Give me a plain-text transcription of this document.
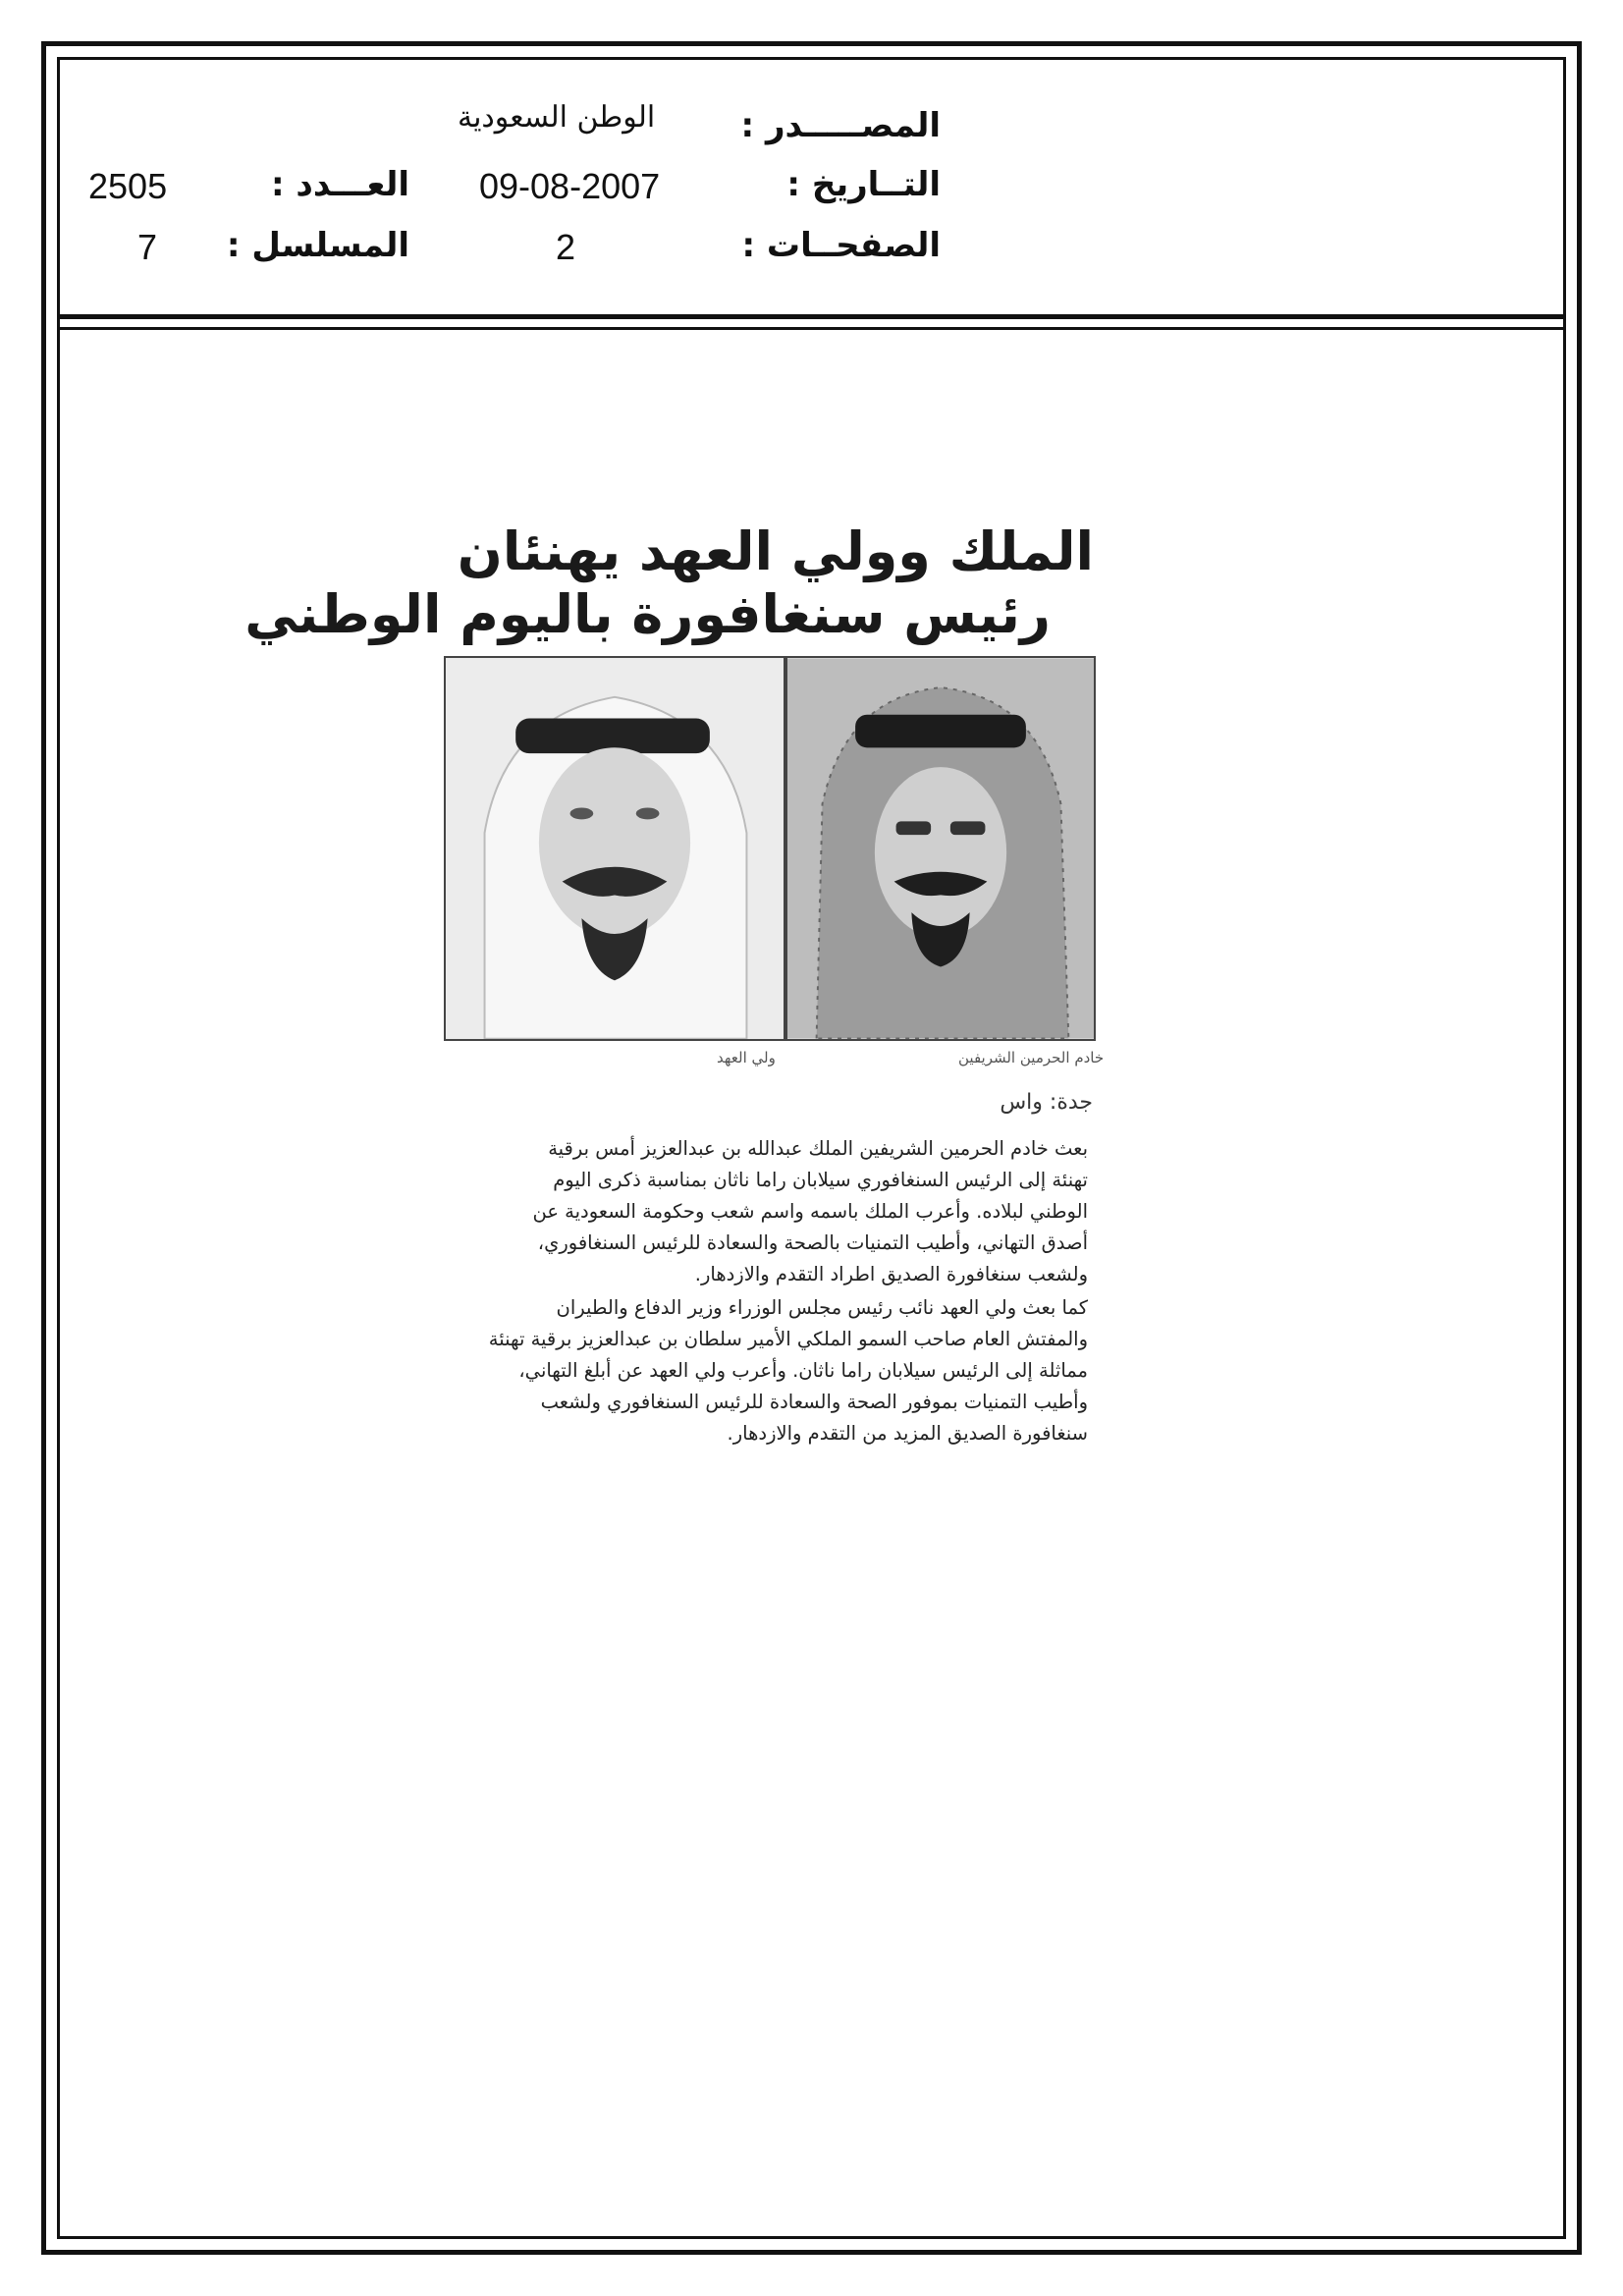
المصـــــدر :
الوطن السعودية
التــاريخ :
09-08-2007
العـــدد :
2505
الصفحــات :
2
المسلسل :
7
الملك وولي العهد يهنئان
رئيس سنغافورة باليوم الوطني
ولي العهد	خادم الحرمين الشريفين
جدة: واس
بعث خادم الحرمين الشريفين الملك عبدالله بن عبدالعزيز أمس برقية
تهنئة إلى الرئيس السنغافوري سيلابان راما ناثان بمناسبة ذكرى اليوم
الوطني لبلاده. وأعرب الملك باسمه واسم شعب وحكومة السعودية عن
أصدق التهاني، وأطيب التمنيات بالصحة والسعادة للرئيس السنغافوري،
ولشعب سنغافورة الصديق اطراد التقدم والازدهار.
كما بعث ولي العهد نائب رئيس مجلس الوزراء وزير الدفاع والطيران
والمفتش العام صاحب السمو الملكي الأمير سلطان بن عبدالعزيز برقية تهنئة
مماثلة إلى الرئيس سيلابان راما ناثان. وأعرب ولي العهد عن أبلغ التهاني،
وأطيب التمنيات بموفور الصحة والسعادة للرئيس السنغافوري ولشعب
سنغافورة الصديق المزيد من التقدم والازدهار.
